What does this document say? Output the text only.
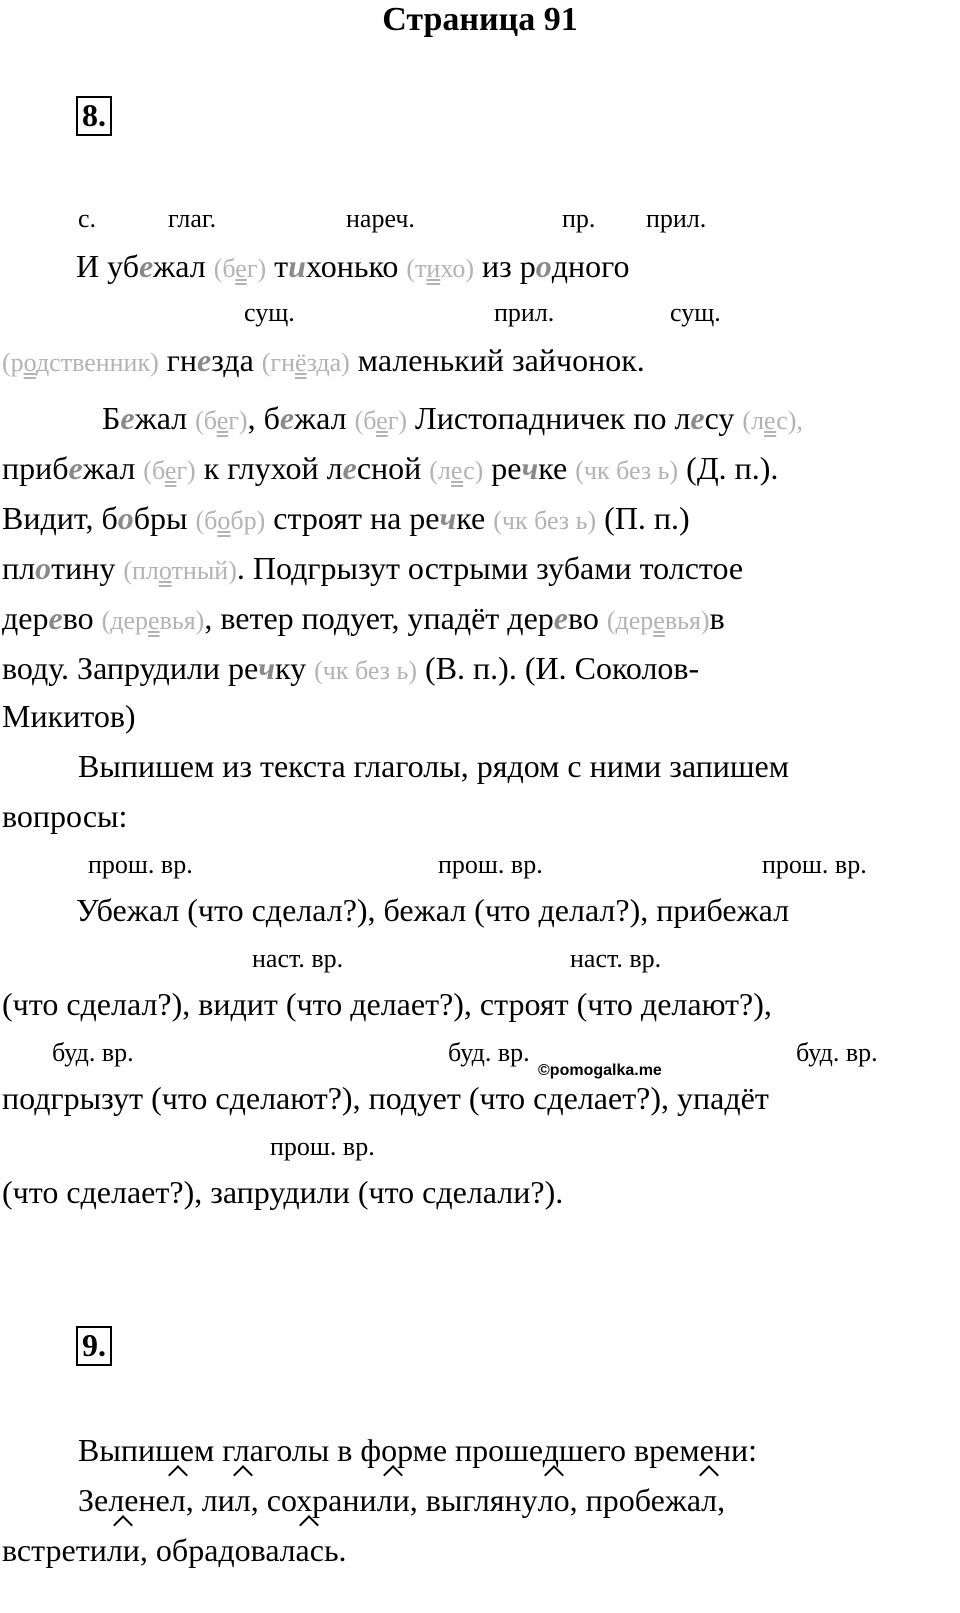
Страница 91
8.
с.	глаг.	нареч.	пр. прил.
И убежал (бег) тихонько (тихо) из родного
сущ.	прил.	сущ.
(родственник) гнезда (гнёзда) маленький зайчонок.
Бежал (бег), бежал (бег) Листопадничек по лесу (лес),
прибежал (бег) к глухой лесной (лес) речке (чк без ь) (Д. п.).
Видит, бобры (бобр) строят на речке (чк без ь) (П. п.)
плотину (плотный). Подгрызут острыми зубами толстое
дерево (деревья), ветер подует, упадёт дерево (деревья)в
воду. Запрудили речку (чк без ь) (В. п.). (И. Соколов-
Микитов)
Выпишем из текста глаголы, рядом с ними запишем
вопросы:
прош. вр.	прош. вр.	прош. вр.
Убежал (что сделал?), бежал (что делал?), прибежал
наст. вр.	наст. вр.
(что сделал?), видит (что делает?), строят (что делают?),
буд. вр.	буд. вр.	буд. вр.
©pomogalka.me
подгрызут (что сделают?), подует (что сделает?), упадёт
прош. вр.
(что сделает?), запрудили (что сделали?).
9.
Выпишем глаголы в форме прошедшего времени:
Зеленел, лил, сохранили, выглянуло, пробежал,
встретили, обрадовалась.
